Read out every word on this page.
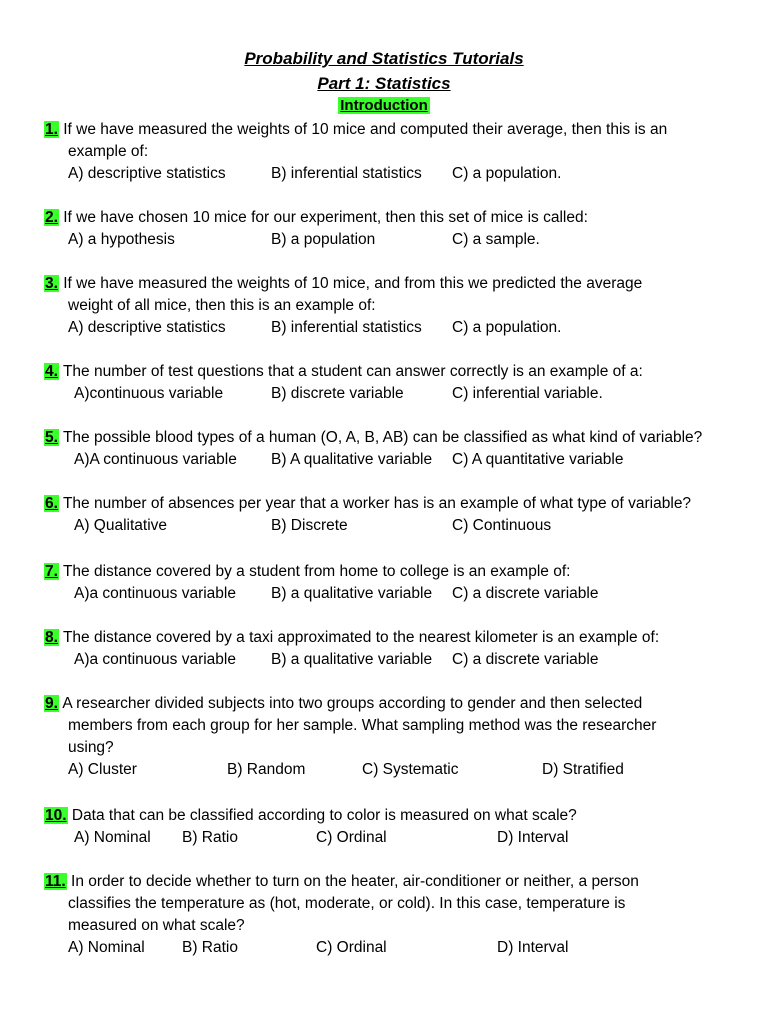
Probability and Statistics Tutorials
Part 1: Statistics
Introduction
1. If we have measured the weights of 10 mice and computed their average, then this is an
example of:
A) descriptive statistics	B) inferential statistics C) a population.
2. If we have chosen 10 mice for our experiment, then this set of mice is called:
A) a hypothesis	B) a population	C) a sample.
3. If we have measured the weights of 10 mice, and from this we predicted the average
weight of all mice, then this is an example of:
A) descriptive statistics	B) inferential statistics C) a population.
4. The number of test questions that a student can answer correctly is an example of a:
A)continuous variable	B) discrete variable	C) inferential variable.
5. The possible blood types of a human (O, A, B, AB) can be classified as what kind of variable?
A)A continuous variable B) A qualitative variable C) A quantitative variable
6. The number of absences per year that a worker has is an example of what type of variable?
A) Qualitative	B) Discrete	C) Continuous
7. The distance covered by a student from home to college is an example of:
A)a continuous variable B) a qualitative variable C) a discrete variable
8. The distance covered by a taxi approximated to the nearest kilometer is an example of:
A)a continuous variable B) a qualitative variable C) a discrete variable
9. A researcher divided subjects into two groups according to gender and then selected
members from each group for her sample. What sampling method was the researcher
using?
A) Cluster	B) Random	C) Systematic	D) Stratified
10. Data that can be classified according to color is measured on what scale?
A) Nominal B) Ratio	C) Ordinal	D) Interval
11. In order to decide whether to turn on the heater, air-conditioner or neither, a person
classifies the temperature as (hot, moderate, or cold). In this case, temperature is
measured on what scale?
A) Nominal B) Ratio	C) Ordinal	D) Interval
